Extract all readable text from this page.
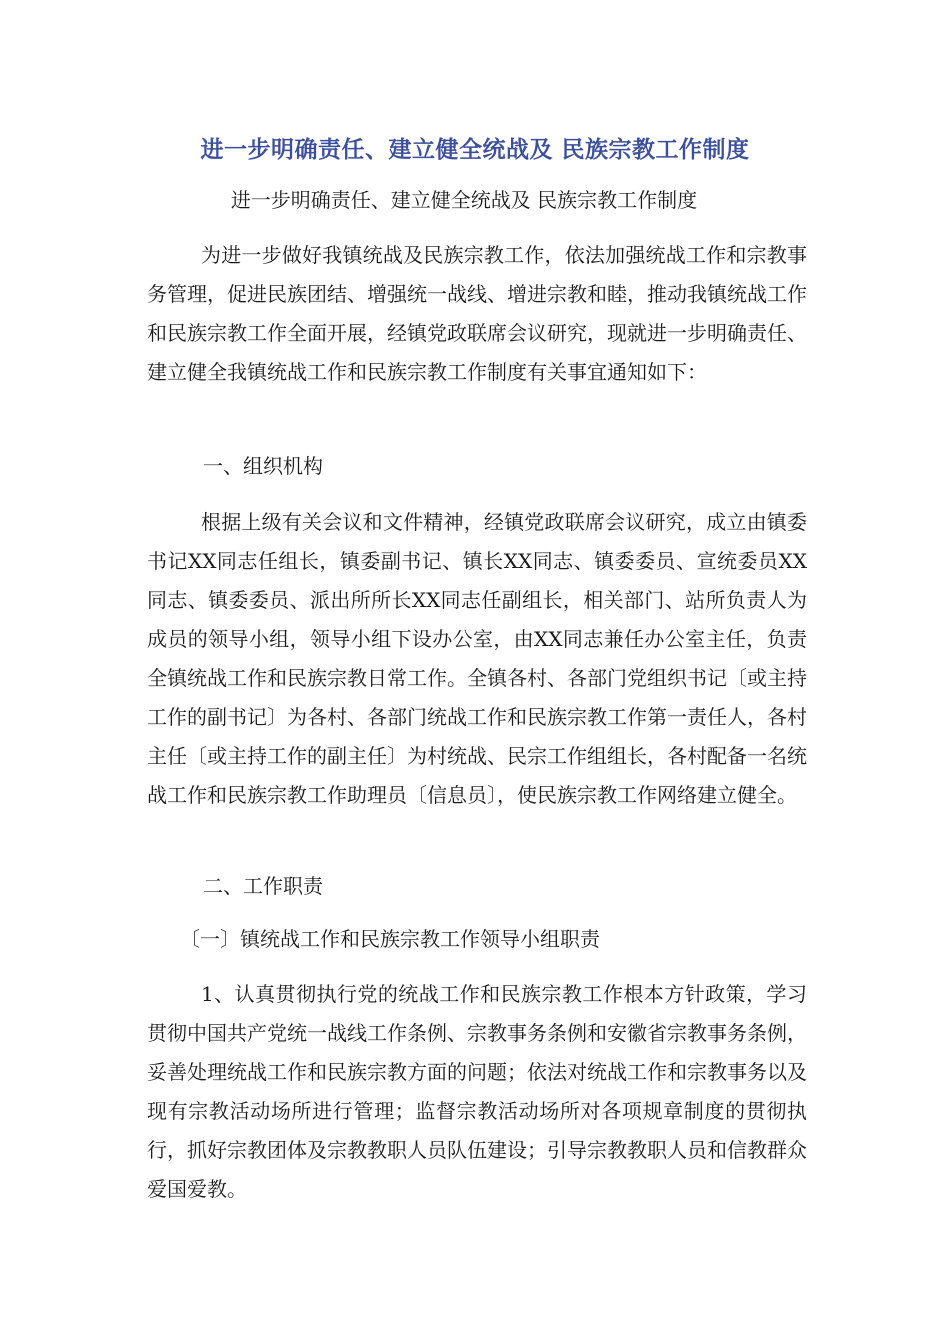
进一步明确责任、建立健全统战及 民族宗教工作制度
进一步明确责任、建立健全统战及 民族宗教工作制度

为进一步做好我镇统战及民族宗教工作，依法加强统战工作和宗教事务管理，促进民族团结、增强统一战线、增进宗教和睦，推动我镇统战工作和民族宗教工作全面开展，经镇党政联席会议研究，现就进一步明确责任、建立健全我镇统战工作和民族宗教工作制度有关事宜通知如下：

一、组织机构

根据上级有关会议和文件精神，经镇党政联席会议研究，成立由镇委书记XX同志任组长，镇委副书记、镇长XX同志、镇委委员、宣统委员XX同志、镇委委员、派出所所长XX同志任副组长，相关部门、站所负责人为成员的领导小组，领导小组下设办公室，由XX同志兼任办公室主任，负责全镇统战工作和民族宗教日常工作。全镇各村、各部门党组织书记〔或主持工作的副书记〕为各村、各部门统战工作和民族宗教工作第一责任人，各村主任〔或主持工作的副主任〕为村统战、民宗工作组组长，各村配备一名统战工作和民族宗教工作助理员〔信息员〕，使民族宗教工作网络建立健全。

二、工作职责
〔一〕镇统战工作和民族宗教工作领导小组职责

1、认真贯彻执行党的统战工作和民族宗教工作根本方针政策，学习贯彻中国共产党统一战线工作条例、宗教事务条例和安徽省宗教事务条例，妥善处理统战工作和民族宗教方面的问题；依法对统战工作和宗教事务以及现有宗教活动场所进行管理；监督宗教活动场所对各项规章制度的贯彻执行，抓好宗教团体及宗教教职人员队伍建设；引导宗教教职人员和信教群众爱国爱教。
